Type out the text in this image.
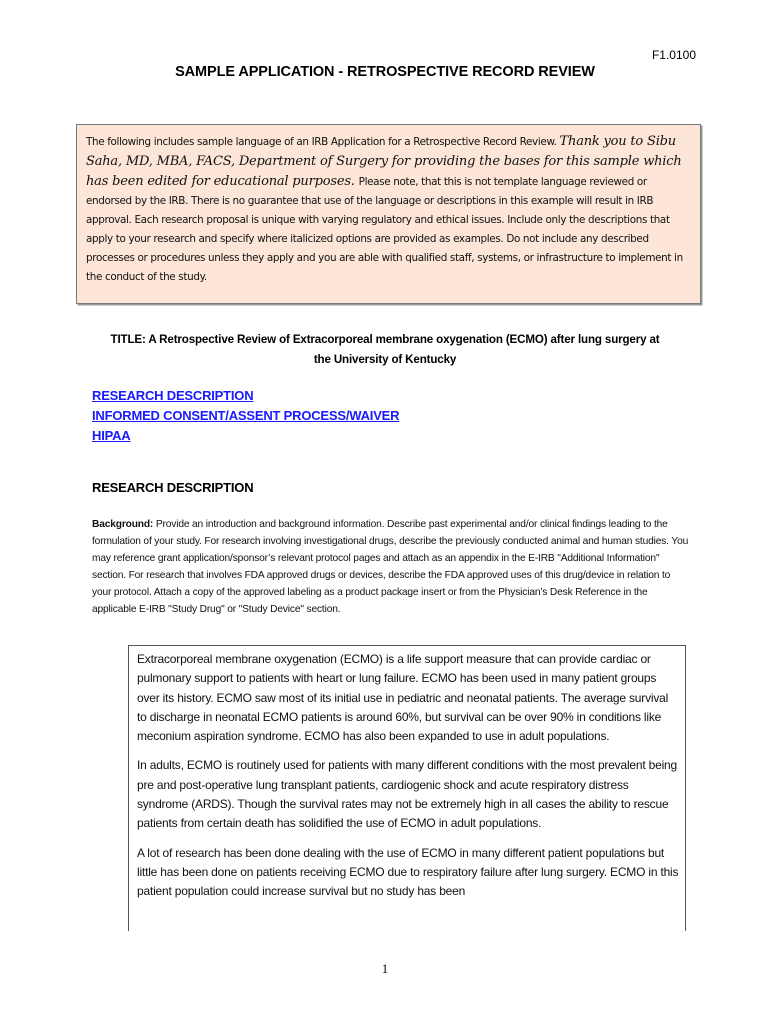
F1.0100
SAMPLE APPLICATION - RETROSPECTIVE RECORD REVIEW
The following includes sample language of an IRB Application for a Retrospective Record Review. Thank you to Sibu Saha, MD, MBA, FACS, Department of Surgery for providing the bases for this sample which has been edited for educational purposes. Please note, that this is not template language reviewed or endorsed by the IRB. There is no guarantee that use of the language or descriptions in this example will result in IRB approval. Each research proposal is unique with varying regulatory and ethical issues. Include only the descriptions that apply to your research and specify where italicized options are provided as examples. Do not include any described processes or procedures unless they apply and you are able with qualified staff, systems, or infrastructure to implement in the conduct of the study.
TITLE: A Retrospective Review of Extracorporeal membrane oxygenation (ECMO) after lung surgery at
the University of Kentucky
RESEARCH DESCRIPTION
INFORMED CONSENT/ASSENT PROCESS/WAIVER
HIPAA
RESEARCH DESCRIPTION
Background: Provide an introduction and background information. Describe past experimental and/or clinical findings leading to the formulation of your study. For research involving investigational drugs, describe the previously conducted animal and human studies. You may reference grant application/sponsor’s relevant protocol pages and attach as an appendix in the E-IRB "Additional Information" section. For research that involves FDA approved drugs or devices, describe the FDA approved uses of this drug/device in relation to your protocol. Attach a copy of the approved labeling as a product package insert or from the Physician’s Desk Reference in the applicable E-IRB "Study Drug" or "Study Device" section.

Extracorporeal membrane oxygenation (ECMO) is a life support measure that can provide cardiac or pulmonary support to patients with heart or lung failure. ECMO has been used in many patient groups over its history. ECMO saw most of its initial use in pediatric and neonatal patients. The average survival to discharge in neonatal ECMO patients is around 60%, but survival can be over 90% in conditions like meconium aspiration syndrome. ECMO has also been expanded to use in adult populations.

In adults, ECMO is routinely used for patients with many different conditions with the most prevalent being pre and post-operative lung transplant patients, cardiogenic shock and acute respiratory distress syndrome (ARDS). Though the survival rates may not be extremely high in all cases the ability to rescue patients from certain death has solidified the use of ECMO in adult populations.

A lot of research has been done dealing with the use of ECMO in many different patient populations but little has been done on patients receiving ECMO due to respiratory failure after lung surgery. ECMO in this patient population could increase survival but no study has been

1
